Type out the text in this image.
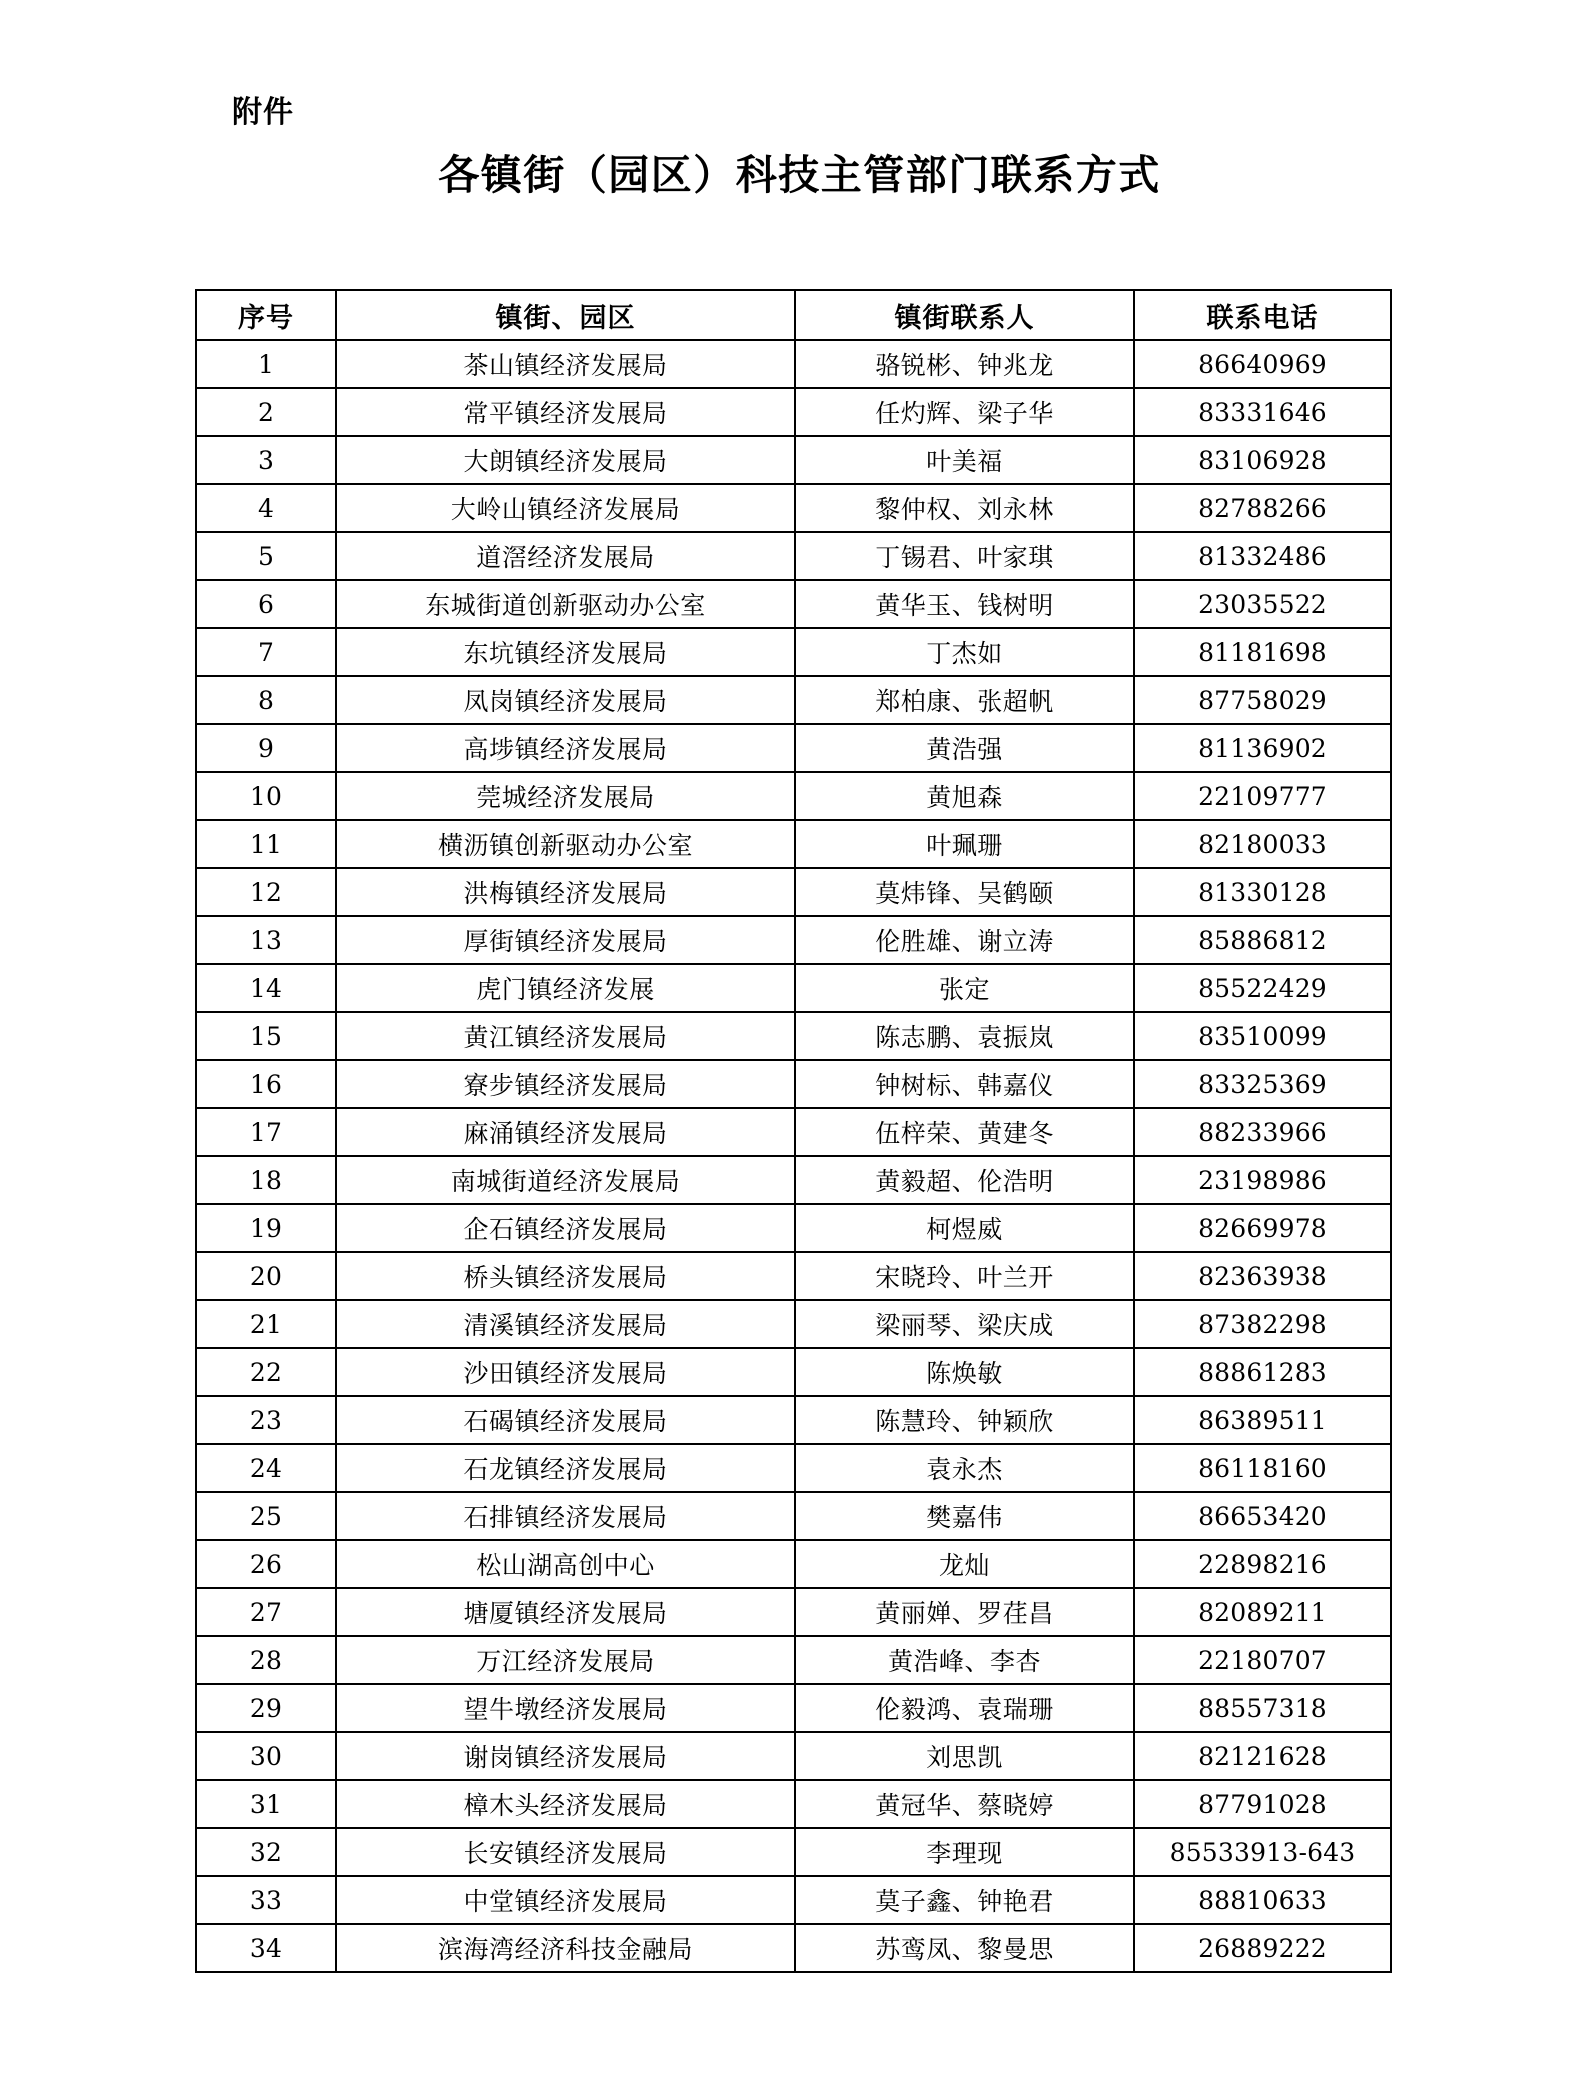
附件
各镇街（园区）科技主管部门联系方式
序号	镇街、园区	镇街联系人	联系电话
1	茶山镇经济发展局	骆锐彬、钟兆龙	86640969
2	常平镇经济发展局	任灼辉、梁子华	83331646
3	大朗镇经济发展局	叶美福	83106928
4	大岭山镇经济发展局	黎仲权、刘永林	82788266
5	道滘经济发展局	丁锡君、叶家琪	81332486
6	东城街道创新驱动办公室	黄华玉、钱树明	23035522
7	东坑镇经济发展局	丁杰如	81181698
8	凤岗镇经济发展局	郑柏康、张超帆	87758029
9	高埗镇经济发展局	黄浩强	81136902
10	莞城经济发展局	黄旭森	22109777
11	横沥镇创新驱动办公室	叶珮珊	82180033
12	洪梅镇经济发展局	莫炜锋、吴鹤颐	81330128
13	厚街镇经济发展局	伦胜雄、谢立涛	85886812
14	虎门镇经济发展	张定	85522429
15	黄江镇经济发展局	陈志鹏、袁振岚	83510099
16	寮步镇经济发展局	钟树标、韩嘉仪	83325369
17	麻涌镇经济发展局	伍梓荣、黄建冬	88233966
18	南城街道经济发展局	黄毅超、伦浩明	23198986
19	企石镇经济发展局	柯煜威	82669978
20	桥头镇经济发展局	宋晓玲、叶兰开	82363938
21	清溪镇经济发展局	梁丽琴、梁庆成	87382298
22	沙田镇经济发展局	陈焕敏	88861283
23	石碣镇经济发展局	陈慧玲、钟颖欣	86389511
24	石龙镇经济发展局	袁永杰	86118160
25	石排镇经济发展局	樊嘉伟	86653420
26	松山湖高创中心	龙灿	22898216
27	塘厦镇经济发展局	黄丽婵、罗荏昌	82089211
28	万江经济发展局	黄浩峰、李杏	22180707
29	望牛墩经济发展局	伦毅鸿、袁瑞珊	88557318
30	谢岗镇经济发展局	刘思凯	82121628
31	樟木头经济发展局	黄冠华、蔡晓婷	87791028
32	长安镇经济发展局	李理现	85533913-643
33	中堂镇经济发展局	莫子鑫、钟艳君	88810633
34	滨海湾经济科技金融局	苏鸾凤、黎曼思	26889222
